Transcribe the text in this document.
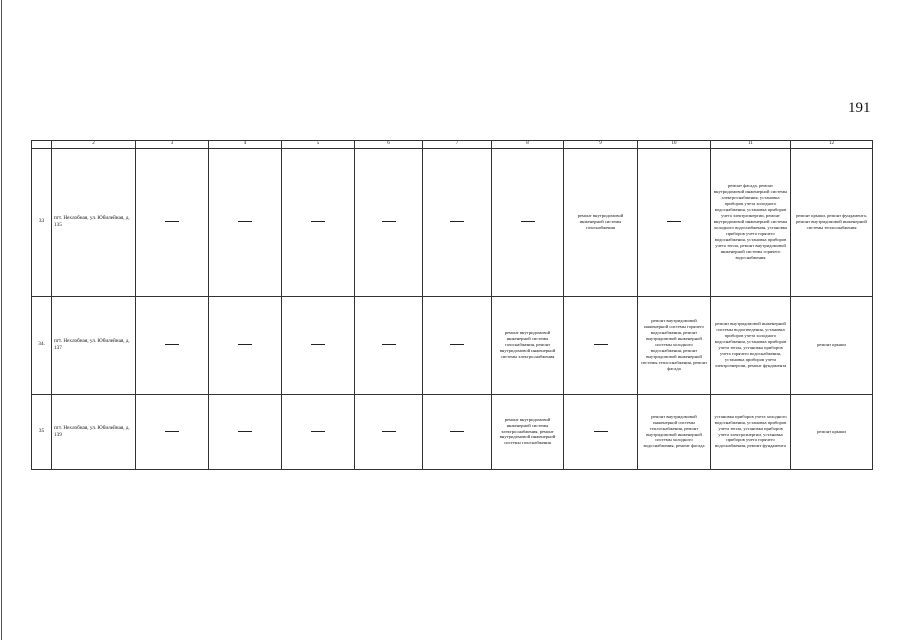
191
	2	3	4	5	6	7	8	9	10	11	12
33	пгт. Нехлобная, ул. Юбилейная, д. 135							ремонт внутридомовой инженерной системы газоснабжения		ремонт фасада, ремонт внутридомовой инженерной системы электроснабжения, установка приборов учета холодного водоснабжения, установка приборов учета электроэнергии, ремонт внутридомовой инженерной системы холодного водоснабжения, установка приборов учета горячего водоснабжения, установка приборов учета тепла, ремонт внутридомовой инженерной системы горячего водоснабжения	ремонт крыши, ремонт фундамента, ремонт внутридомовой инженерной системы теплоснабжения
34.	пгт. Нехлобная, ул. Юбилейная, д. 137						ремонт внутридомовой инженерной системы газоснабжения, ремонт внутридомовой инженерной системы электроснабжения		ремонт внутридомовой инженерной системы горячего водоснабжения, ремонт внутридомовой инженерной системы холодного водоснабжения, ремонт внутридомовой инженерной системы теплоснабжения, ремонт фасада	ремонт внутридомовой инженерной системы водоотведения, установка приборов учета холодного водоснабжения, установка приборов учета тепла, установка приборов учета горячего водоснабжения, установка приборов учета электроэнергии, ремонт фундамента	ремонт крыши
35	пгт. Нехлобная, ул. Юбилейная, д. 139						ремонт внутридомовой инженерной системы электроснабжения, ремонт внутридомовой инженерной системы газоснабжения		ремонт внутридомовой инженерной системы теплоснабжения, ремонт внутридомовой инженерной системы холодного водоснабжения, ремонт фасада	установка приборов учета холодного водоснабжения, установка приборов учета тепла, установка приборов учета электроэнергии, установка приборов учета горячего водоснабжения, ремонт фундамента	ремонт крыши
